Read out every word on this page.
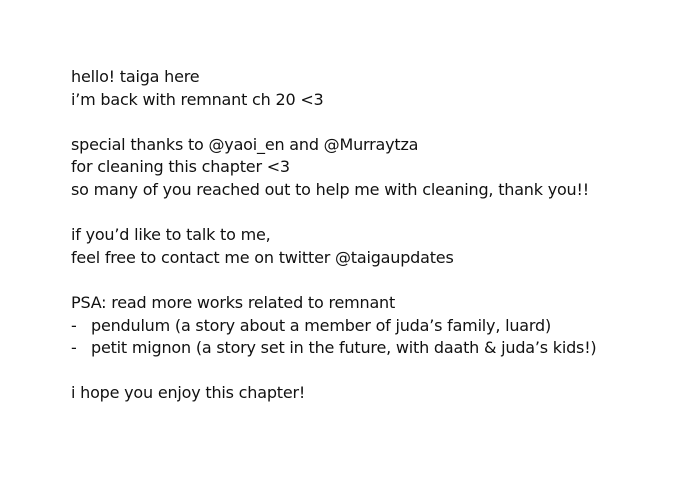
hello! taiga here
i’m back with remnant ch 20 <3
special thanks to @yaoi_en and @Murraytza
for cleaning this chapter <3
so many of you reached out to help me with cleaning, thank you!!
if you’d like to talk to me,
feel free to contact me on twitter @taigaupdates
PSA: read more works related to remnant
- pendulum (a story about a member of juda’s family, luard)
- petit mignon (a story set in the future, with daath & juda’s kids!)
i hope you enjoy this chapter!
